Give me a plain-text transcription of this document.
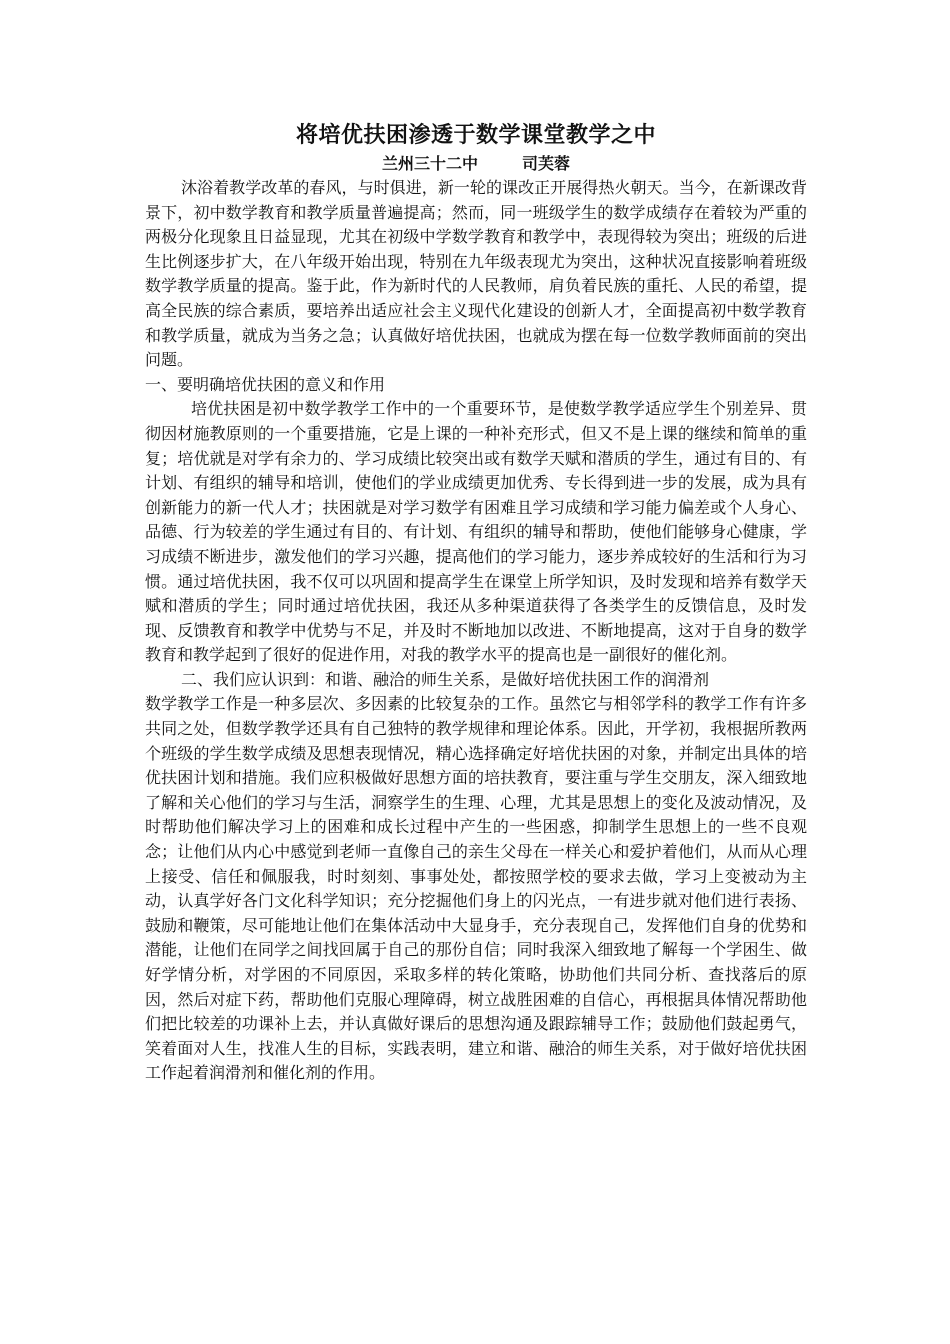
将培优扶困渗透于数学课堂教学之中
兰州三十二中	司芙蓉

沐浴着教学改革的春风，与时俱进，新一轮的课改正开展得热火朝天。当今，在新课改背景下，初中数学教育和教学质量普遍提高；然而，同一班级学生的数学成绩存在着较为严重的两极分化现象且日益显现，尤其在初级中学数学教育和教学中，表现得较为突出；班级的后进生比例逐步扩大，在八年级开始出现，特别在九年级表现尤为突出，这种状况直接影响着班级数学教学质量的提高。鉴于此，作为新时代的人民教师，肩负着民族的重托、人民的希望，提高全民族的综合素质，要培养出适应社会主义现代化建设的创新人才，全面提高初中数学教育和教学质量，就成为当务之急；认真做好培优扶困，也就成为摆在每一位数学教师面前的突出问题。

一、要明确培优扶困的意义和作用

培优扶困是初中数学教学工作中的一个重要环节，是使数学教学适应学生个别差异、贯彻因材施教原则的一个重要措施，它是上课的一种补充形式，但又不是上课的继续和简单的重复；培优就是对学有余力的、学习成绩比较突出或有数学天赋和潜质的学生，通过有目的、有计划、有组织的辅导和培训，使他们的学业成绩更加优秀、专长得到进一步的发展，成为具有创新能力的新一代人才；扶困就是对学习数学有困难且学习成绩和学习能力偏差或个人身心、品德、行为较差的学生通过有目的、有计划、有组织的辅导和帮助，使他们能够身心健康，学习成绩不断进步，激发他们的学习兴趣，提高他们的学习能力，逐步养成较好的生活和行为习惯。通过培优扶困，我不仅可以巩固和提高学生在课堂上所学知识，及时发现和培养有数学天赋和潜质的学生；同时通过培优扶困，我还从多种渠道获得了各类学生的反馈信息，及时发现、反馈教育和教学中优势与不足，并及时不断地加以改进、不断地提高，这对于自身的数学教育和教学起到了很好的促进作用，对我的教学水平的提高也是一副很好的催化剂。

二、我们应认识到：和谐、融洽的师生关系，是做好培优扶困工作的润滑剂

数学教学工作是一种多层次、多因素的比较复杂的工作。虽然它与相邻学科的教学工作有许多共同之处，但数学教学还具有自己独特的教学规律和理论体系。因此，开学初，我根据所教两个班级的学生数学成绩及思想表现情况，精心选择确定好培优扶困的对象，并制定出具体的培优扶困计划和措施。我们应积极做好思想方面的培扶教育，要注重与学生交朋友，深入细致地了解和关心他们的学习与生活，洞察学生的生理、心理，尤其是思想上的变化及波动情况，及时帮助他们解决学习上的困难和成长过程中产生的一些困惑，抑制学生思想上的一些不良观念；让他们从内心中感觉到老师一直像自己的亲生父母在一样关心和爱护着他们，从而从心理上接受、信任和佩服我，时时刻刻、事事处处，都按照学校的要求去做，学习上变被动为主动，认真学好各门文化科学知识；充分挖掘他们身上的闪光点，一有进步就对他们进行表扬、鼓励和鞭策，尽可能地让他们在集体活动中大显身手，充分表现自己，发挥他们自身的优势和潜能，让他们在同学之间找回属于自己的那份自信；同时我深入细致地了解每一个学困生、做好学情分析，对学困的不同原因，采取多样的转化策略，协助他们共同分析、查找落后的原因，然后对症下药，帮助他们克服心理障碍，树立战胜困难的自信心，再根据具体情况帮助他们把比较差的功课补上去，并认真做好课后的思想沟通及跟踪辅导工作；鼓励他们鼓起勇气，笑着面对人生，找准人生的目标，实践表明，建立和谐、融洽的师生关系，对于做好培优扶困工作起着润滑剂和催化剂的作用。
